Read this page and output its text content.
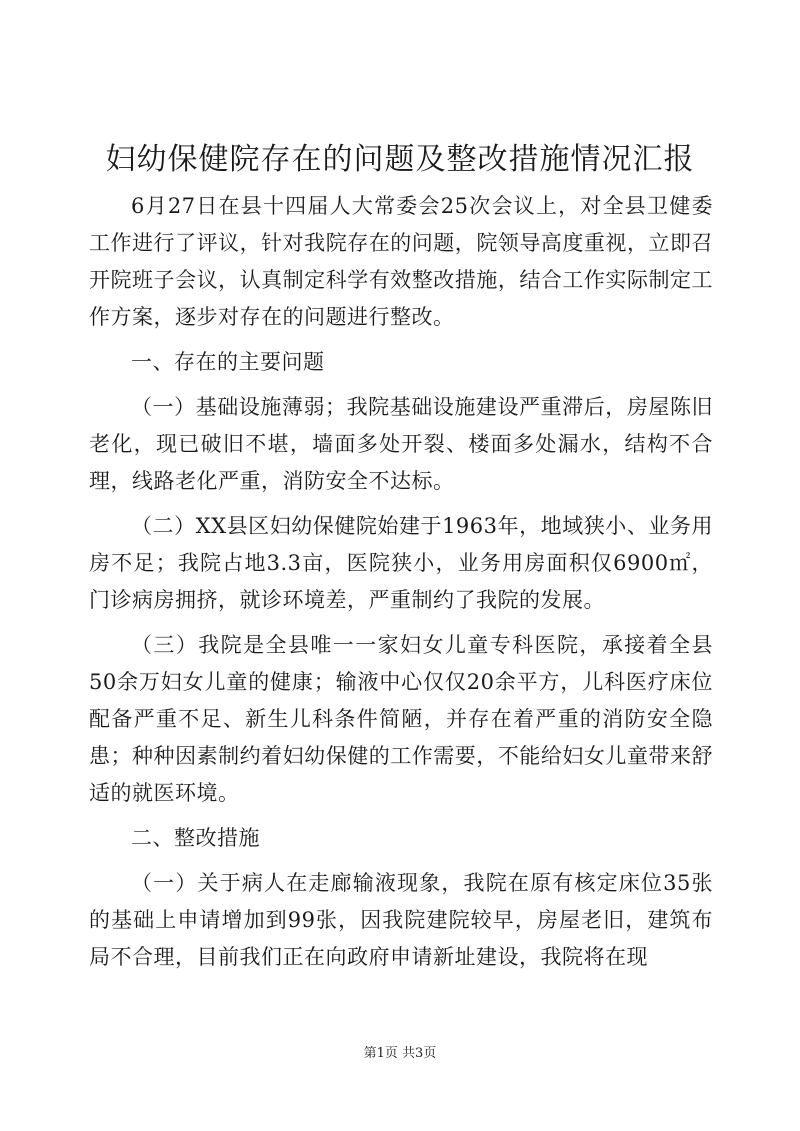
妇幼保健院存在的问题及整改措施情况汇报

6月27日在县十四届人大常委会25次会议上，对全县卫健委工作进行了评议，针对我院存在的问题，院领导高度重视，立即召开院班子会议，认真制定科学有效整改措施，结合工作实际制定工作方案，逐步对存在的问题进行整改。

一、存在的主要问题

（一）基础设施薄弱；我院基础设施建设严重滞后，房屋陈旧老化，现已破旧不堪，墙面多处开裂、楼面多处漏水，结构不合理，线路老化严重，消防安全不达标。

（二）XX县区妇幼保健院始建于1963年，地域狭小、业务用房不足；我院占地3.3亩，医院狭小，业务用房面积仅6900㎡，门诊病房拥挤，就诊环境差，严重制约了我院的发展。

（三）我院是全县唯一一家妇女儿童专科医院，承接着全县50余万妇女儿童的健康；输液中心仅仅20余平方，儿科医疗床位配备严重不足、新生儿科条件简陋，并存在着严重的消防安全隐患；种种因素制约着妇幼保健的工作需要，不能给妇女儿童带来舒适的就医环境。

二、整改措施

（一）关于病人在走廊输液现象，我院在原有核定床位35张的基础上申请增加到99张，因我院建院较早，房屋老旧，建筑布局不合理，目前我们正在向政府申请新址建设，我院将在现

第1页 共3页
